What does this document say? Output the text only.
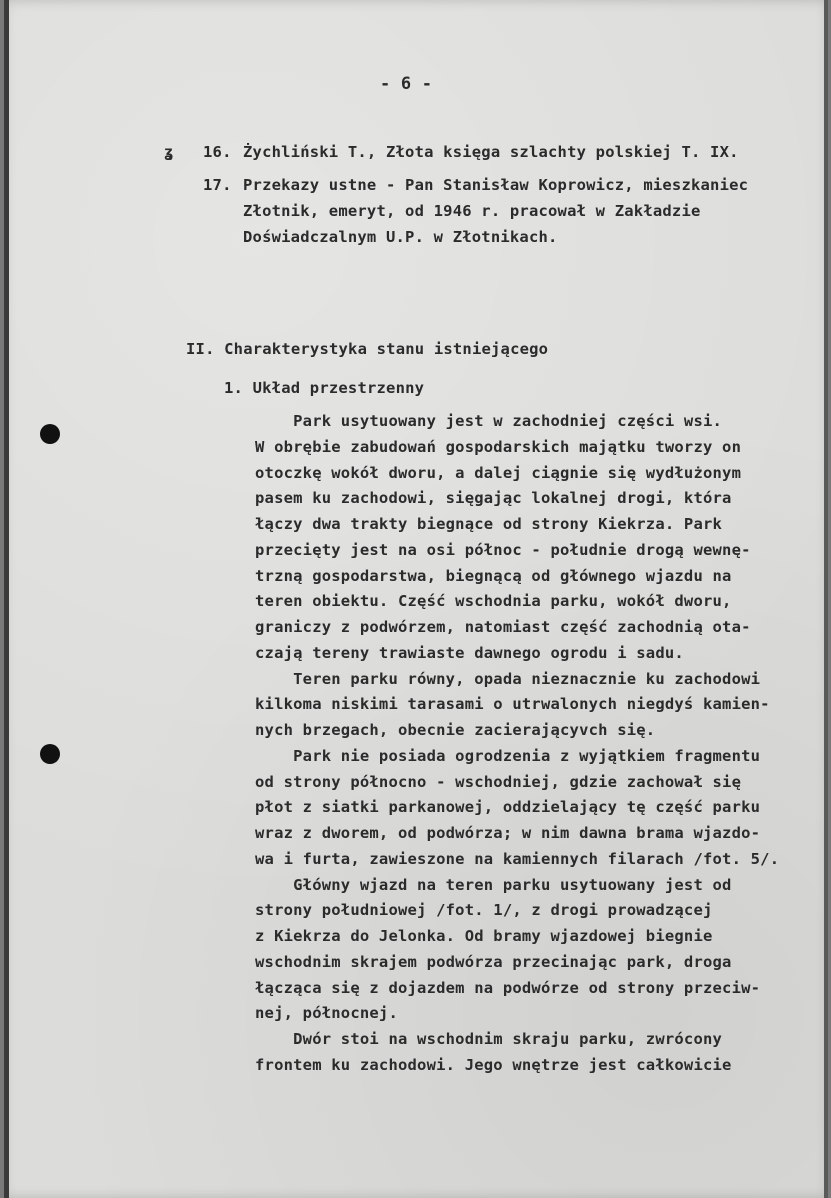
- 6 -
ʓ 16. Żychliński T., Złota księga szlachty polskiej T. IX.
17. Przekazy ustne - Pan Stanisław Koprowicz, mieszkaniec
Złotnik, emeryt, od 1946 r. pracował w Zakładzie
Doświadczalnym U.P. w Złotnikach.
II. Charakterystyka stanu istniejącego
1. Układ przestrzenny
Park usytuowany jest w zachodniej części wsi.
W obrębie zabudowań gospodarskich majątku tworzy on
otoczkę wokół dworu, a dalej ciągnie się wydłużonym
pasem ku zachodowi, sięgając lokalnej drogi, która
łączy dwa trakty biegnące od strony Kiekrza. Park
przecięty jest na osi północ - południe drogą wewnę-
trzną gospodarstwa, biegnącą od głównego wjazdu na
teren obiektu. Część wschodnia parku, wokół dworu,
graniczy z podwórzem, natomiast część zachodnią ota-
czają tereny trawiaste dawnego ogrodu i sadu.
Teren parku równy, opada nieznacznie ku zachodowi
kilkoma niskimi tarasami o utrwalonych niegdyś kamien-
nych brzegach, obecnie zacierającyvch się.
Park nie posiada ogrodzenia z wyjątkiem fragmentu
od strony północno - wschodniej, gdzie zachował się
płot z siatki parkanowej, oddzielający tę część parku
wraz z dworem, od podwórza; w nim dawna brama wjazdo-
wa i furta, zawieszone na kamiennych filarach /fot. 5/.
Główny wjazd na teren parku usytuowany jest od
strony południowej /fot. 1/, z drogi prowadzącej
z Kiekrza do Jelonka. Od bramy wjazdowej biegnie
wschodnim skrajem podwórza przecinając park, droga
łącząca się z dojazdem na podwórze od strony przeciw-
nej, północnej.
Dwór stoi na wschodnim skraju parku, zwrócony
frontem ku zachodowi. Jego wnętrze jest całkowicie
